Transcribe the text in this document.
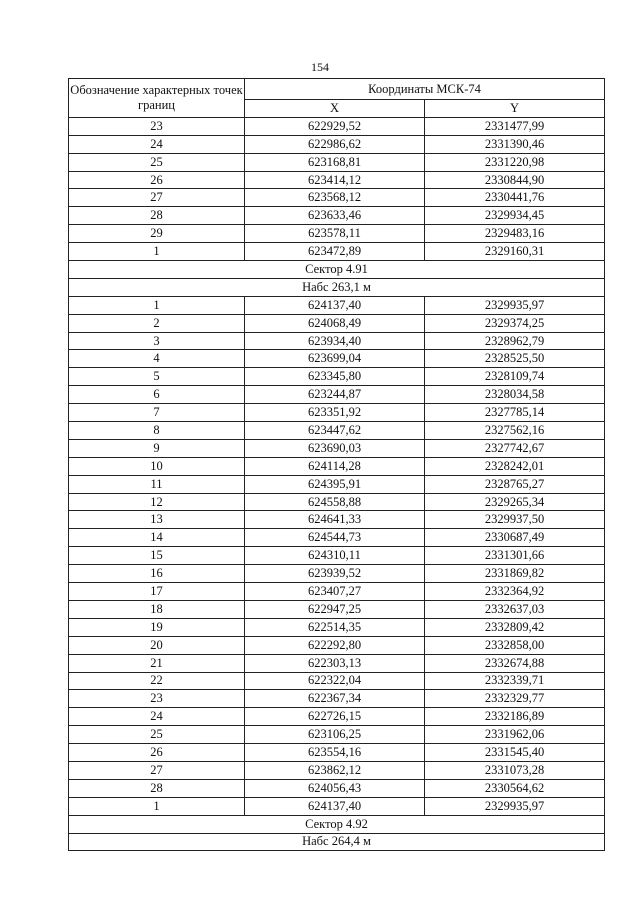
154
Обозначение характерных точек границ	Координаты МСК-74	
	X	Y
23	622929,52	2331477,99
24	622986,62	2331390,46
25	623168,81	2331220,98
26	623414,12	2330844,90
27	623568,12	2330441,76
28	623633,46	2329934,45
29	623578,11	2329483,16
1	623472,89	2329160,31
Сектор 4.91		
Набс 263,1 м		
1	624137,40	2329935,97
2	624068,49	2329374,25
3	623934,40	2328962,79
4	623699,04	2328525,50
5	623345,80	2328109,74
6	623244,87	2328034,58
7	623351,92	2327785,14
8	623447,62	2327562,16
9	623690,03	2327742,67
10	624114,28	2328242,01
11	624395,91	2328765,27
12	624558,88	2329265,34
13	624641,33	2329937,50
14	624544,73	2330687,49
15	624310,11	2331301,66
16	623939,52	2331869,82
17	623407,27	2332364,92
18	622947,25	2332637,03
19	622514,35	2332809,42
20	622292,80	2332858,00
21	622303,13	2332674,88
22	622322,04	2332339,71
23	622367,34	2332329,77
24	622726,15	2332186,89
25	623106,25	2331962,06
26	623554,16	2331545,40
27	623862,12	2331073,28
28	624056,43	2330564,62
1	624137,40	2329935,97
Сектор 4.92		
Набс 264,4 м		
